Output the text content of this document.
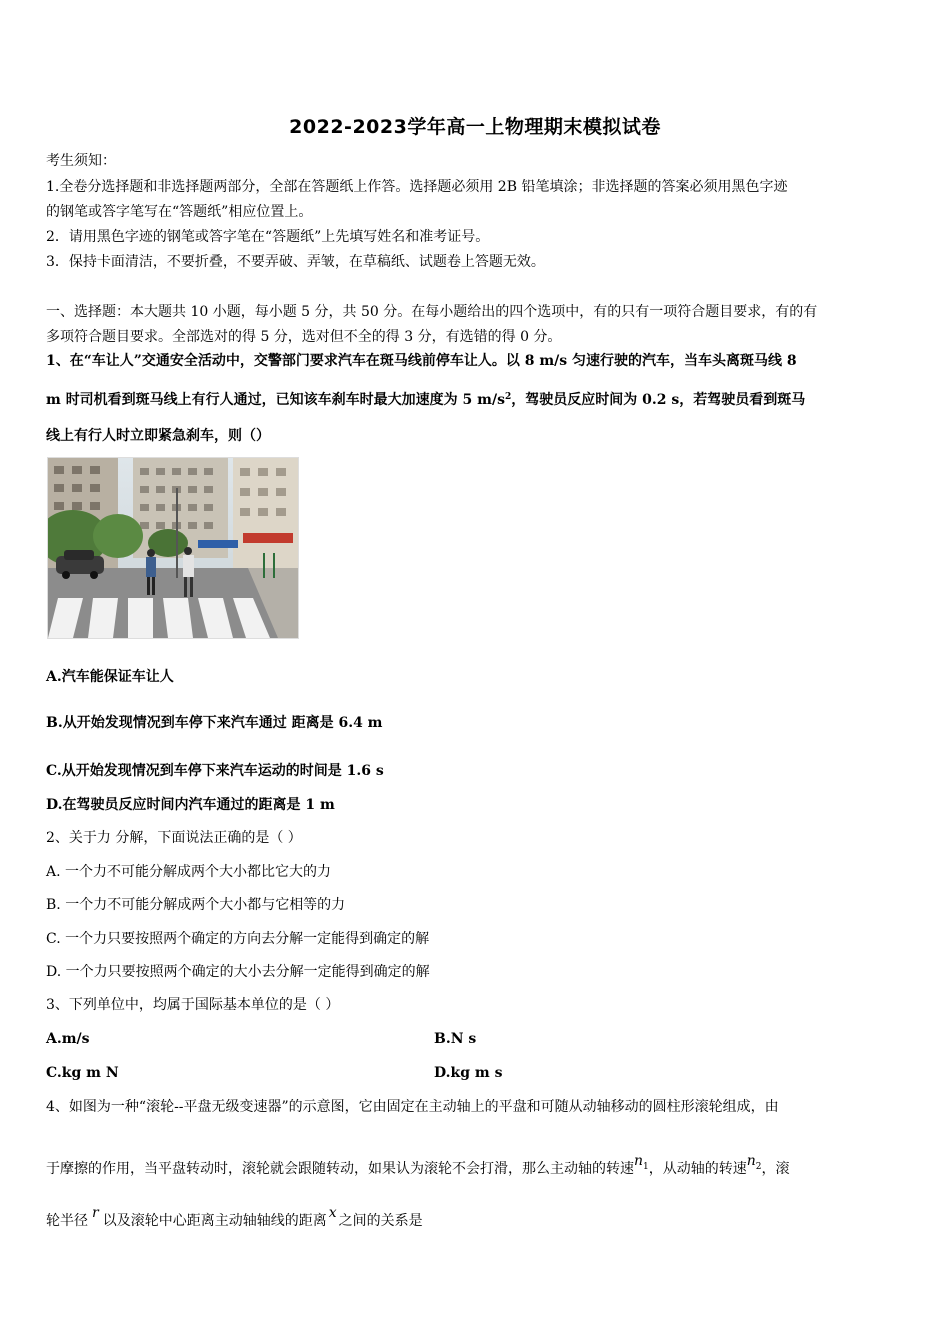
2022-2023学年高一上物理期末模拟试卷
考生须知：
1.全卷分选择题和非选择题两部分，全部在答题纸上作答。选择题必须用 2B 铅笔填涂；非选择题的答案必须用黑色字迹
的钢笔或答字笔写在“答题纸”相应位置上。
2．请用黑色字迹的钢笔或答字笔在“答题纸”上先填写姓名和准考证号。
3．保持卡面清洁，不要折叠，不要弄破、弄皱，在草稿纸、试题卷上答题无效。
一、选择题：本大题共 10 小题，每小题 5 分，共 50 分。在每小题给出的四个选项中，有的只有一项符合题目要求，有的有
多项符合题目要求。全部选对的得 5 分，选对但不全的得 3 分，有选错的得 0 分。
1、在“车让人”交通安全活动中，交警部门要求汽车在斑马线前停车让人。以 8 m/s 匀速行驶的汽车，当车头离斑马线 8
m 时司机看到斑马线上有行人通过，已知该车刹车时最大加速度为 5 $m/s^2$，驾驶员反应时间为 0.2 s，若驾驶员看到斑马
线上有行人时立即紧急刹车，则（）
A.汽车能保证车让人
B.从开始发现情况到车停下来汽车通过 距离是 6.4 m
C.从开始发现情况到车停下来汽车运动的时间是 1.6 s
D.在驾驶员反应时间内汽车通过的距离是 1 m
2、关于力 分解，下面说法正确的是（ ）
A. 一个力不可能分解成两个大小都比它大的力
B. 一个力不可能分解成两个大小都与它相等的力
C. 一个力只要按照两个确定的方向去分解一定能得到确定的解
D. 一个力只要按照两个确定的大小去分解一定能得到确定的解
3、下列单位中，均属于国际基本单位的是（ ）
A.m/s	B.N s
C.kg m N	D.kg m s
4、如图为一种“滚轮--平盘无级变速器”的示意图，它由固定在主动轴上的平盘和可随从动轴移动的圆柱形滚轮组成，由
于摩擦的作用，当平盘转动时，滚轮就会跟随转动，如果认为滚轮不会打滑，那么主动轴的转速$n^1$，从动轴的转速$n^2$，滚
轮半径 r 以及滚轮中心距离主动轴轴线的距离 x 之间的关系是
